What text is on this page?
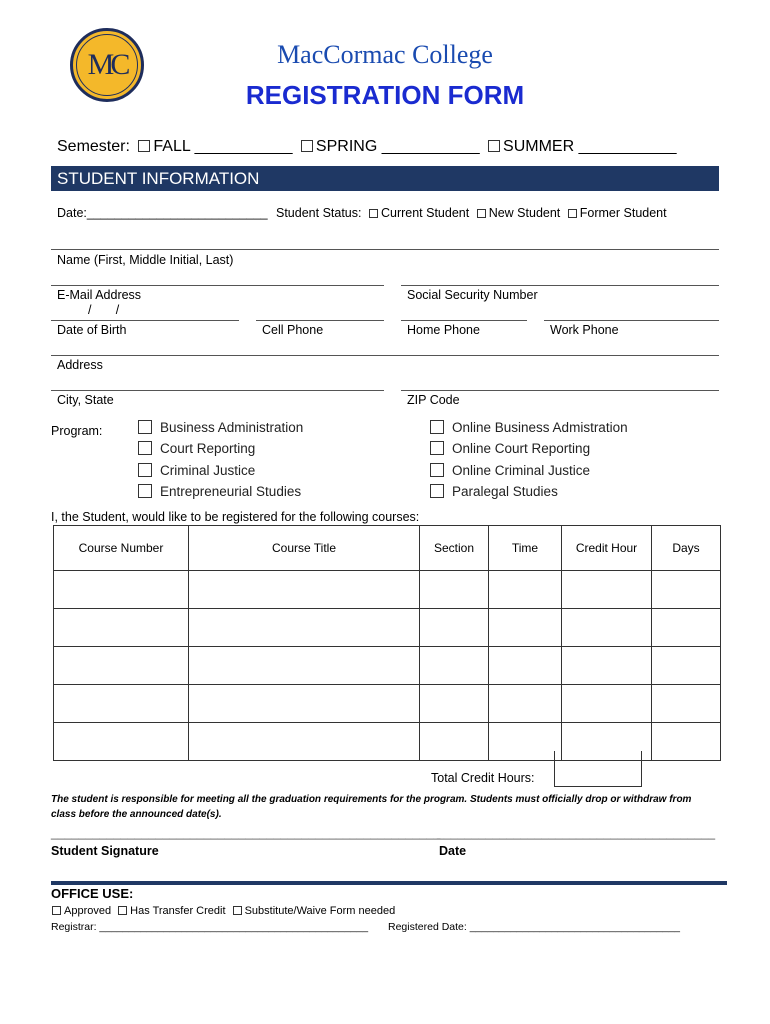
MC	MacCormac College
REGISTRATION FORM
Semester: FALL ___________ SPRING ___________ SUMMER ___________
STUDENT INFORMATION
Date:__________________________ Student Status: Current Student New Student Former Student
Name (First, Middle Initial, Last)
E-Mail Address	Social Security Number
/       /
Date of Birth	Cell Phone	Home Phone	Work Phone
Address
City, State	ZIP Code
Program:	Business Administration
Court Reporting
Criminal Justice
Entrepreneurial Studies
Online Business Admistration
Online Court Reporting
Online Criminal Justice
Paralegal Studies
I, the Student, would like to be registered for the following courses:
Course Number	Course Title	Section	Time	Credit Hour	Days

Total Credit Hours:
The student is responsible for meeting all the graduation requirements for the program. Students must officially drop or withdraw from class before the announced date(s).
________________________________________________________
________________________________________
Student Signature	Date
OFFICE USE:
Approved Has Transfer Credit Substitute/Waive Form needed
Registrar: ______________________________________________ Registered Date: ____________________________________
